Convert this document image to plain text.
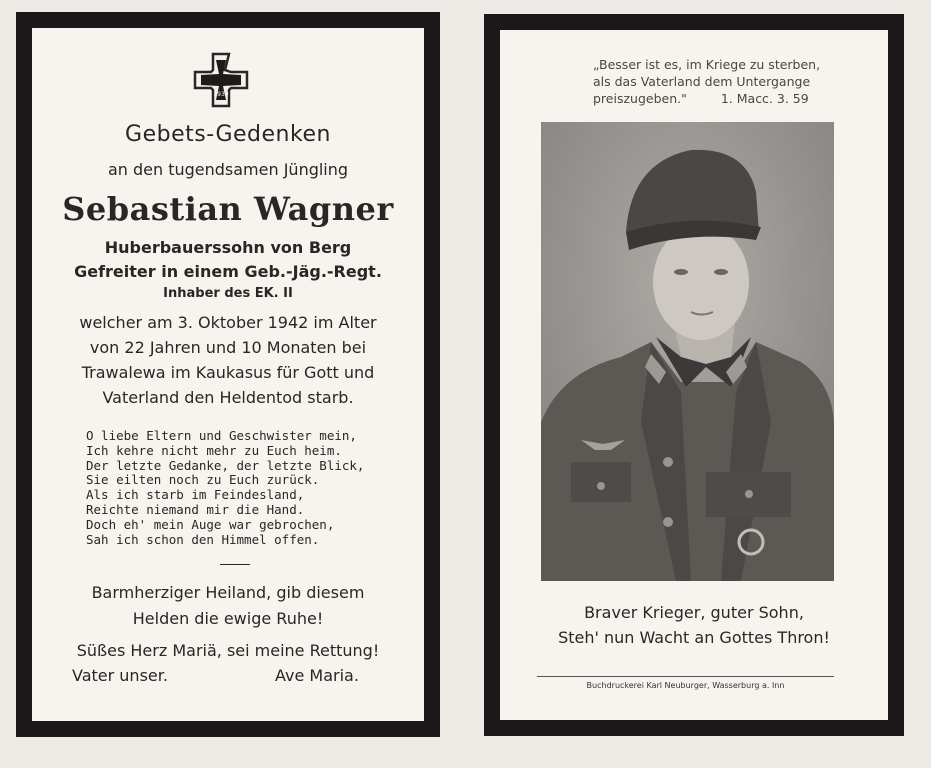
1939
Gebets-Gedenken
an den tugendsamen Jüngling
Sebastian Wagner
Huberbauerssohn von Berg
Gefreiter in einem Geb.-Jäg.-Regt.
Inhaber des EK. II
welcher am 3. Oktober 1942 im Alter
von 22 Jahren und 10 Monaten bei
Trawalewa im Kaukasus für Gott und
Vaterland den Heldentod starb.
O liebe Eltern und Geschwister mein,
Ich kehre nicht mehr zu Euch heim.
Der letzte Gedanke, der letzte Blick,
Sie eilten noch zu Euch zurück.
Als ich starb im Feindesland,
Reichte niemand mir die Hand.
Doch eh' mein Auge war gebrochen,
Sah ich schon den Himmel offen.
Barmherziger Heiland, gib diesem
Helden die ewige Ruhe!
Süßes Herz Mariä, sei meine Rettung!
Vater unser.	Ave Maria.
„Besser ist es, im Kriege zu sterben,
als das Vaterland dem Untergange
preiszugeben."	1. Macc. 3. 59
Braver Krieger, guter Sohn,
Steh' nun Wacht an Gottes Thron!
Buchdruckerei Karl Neuburger, Wasserburg a. Inn
